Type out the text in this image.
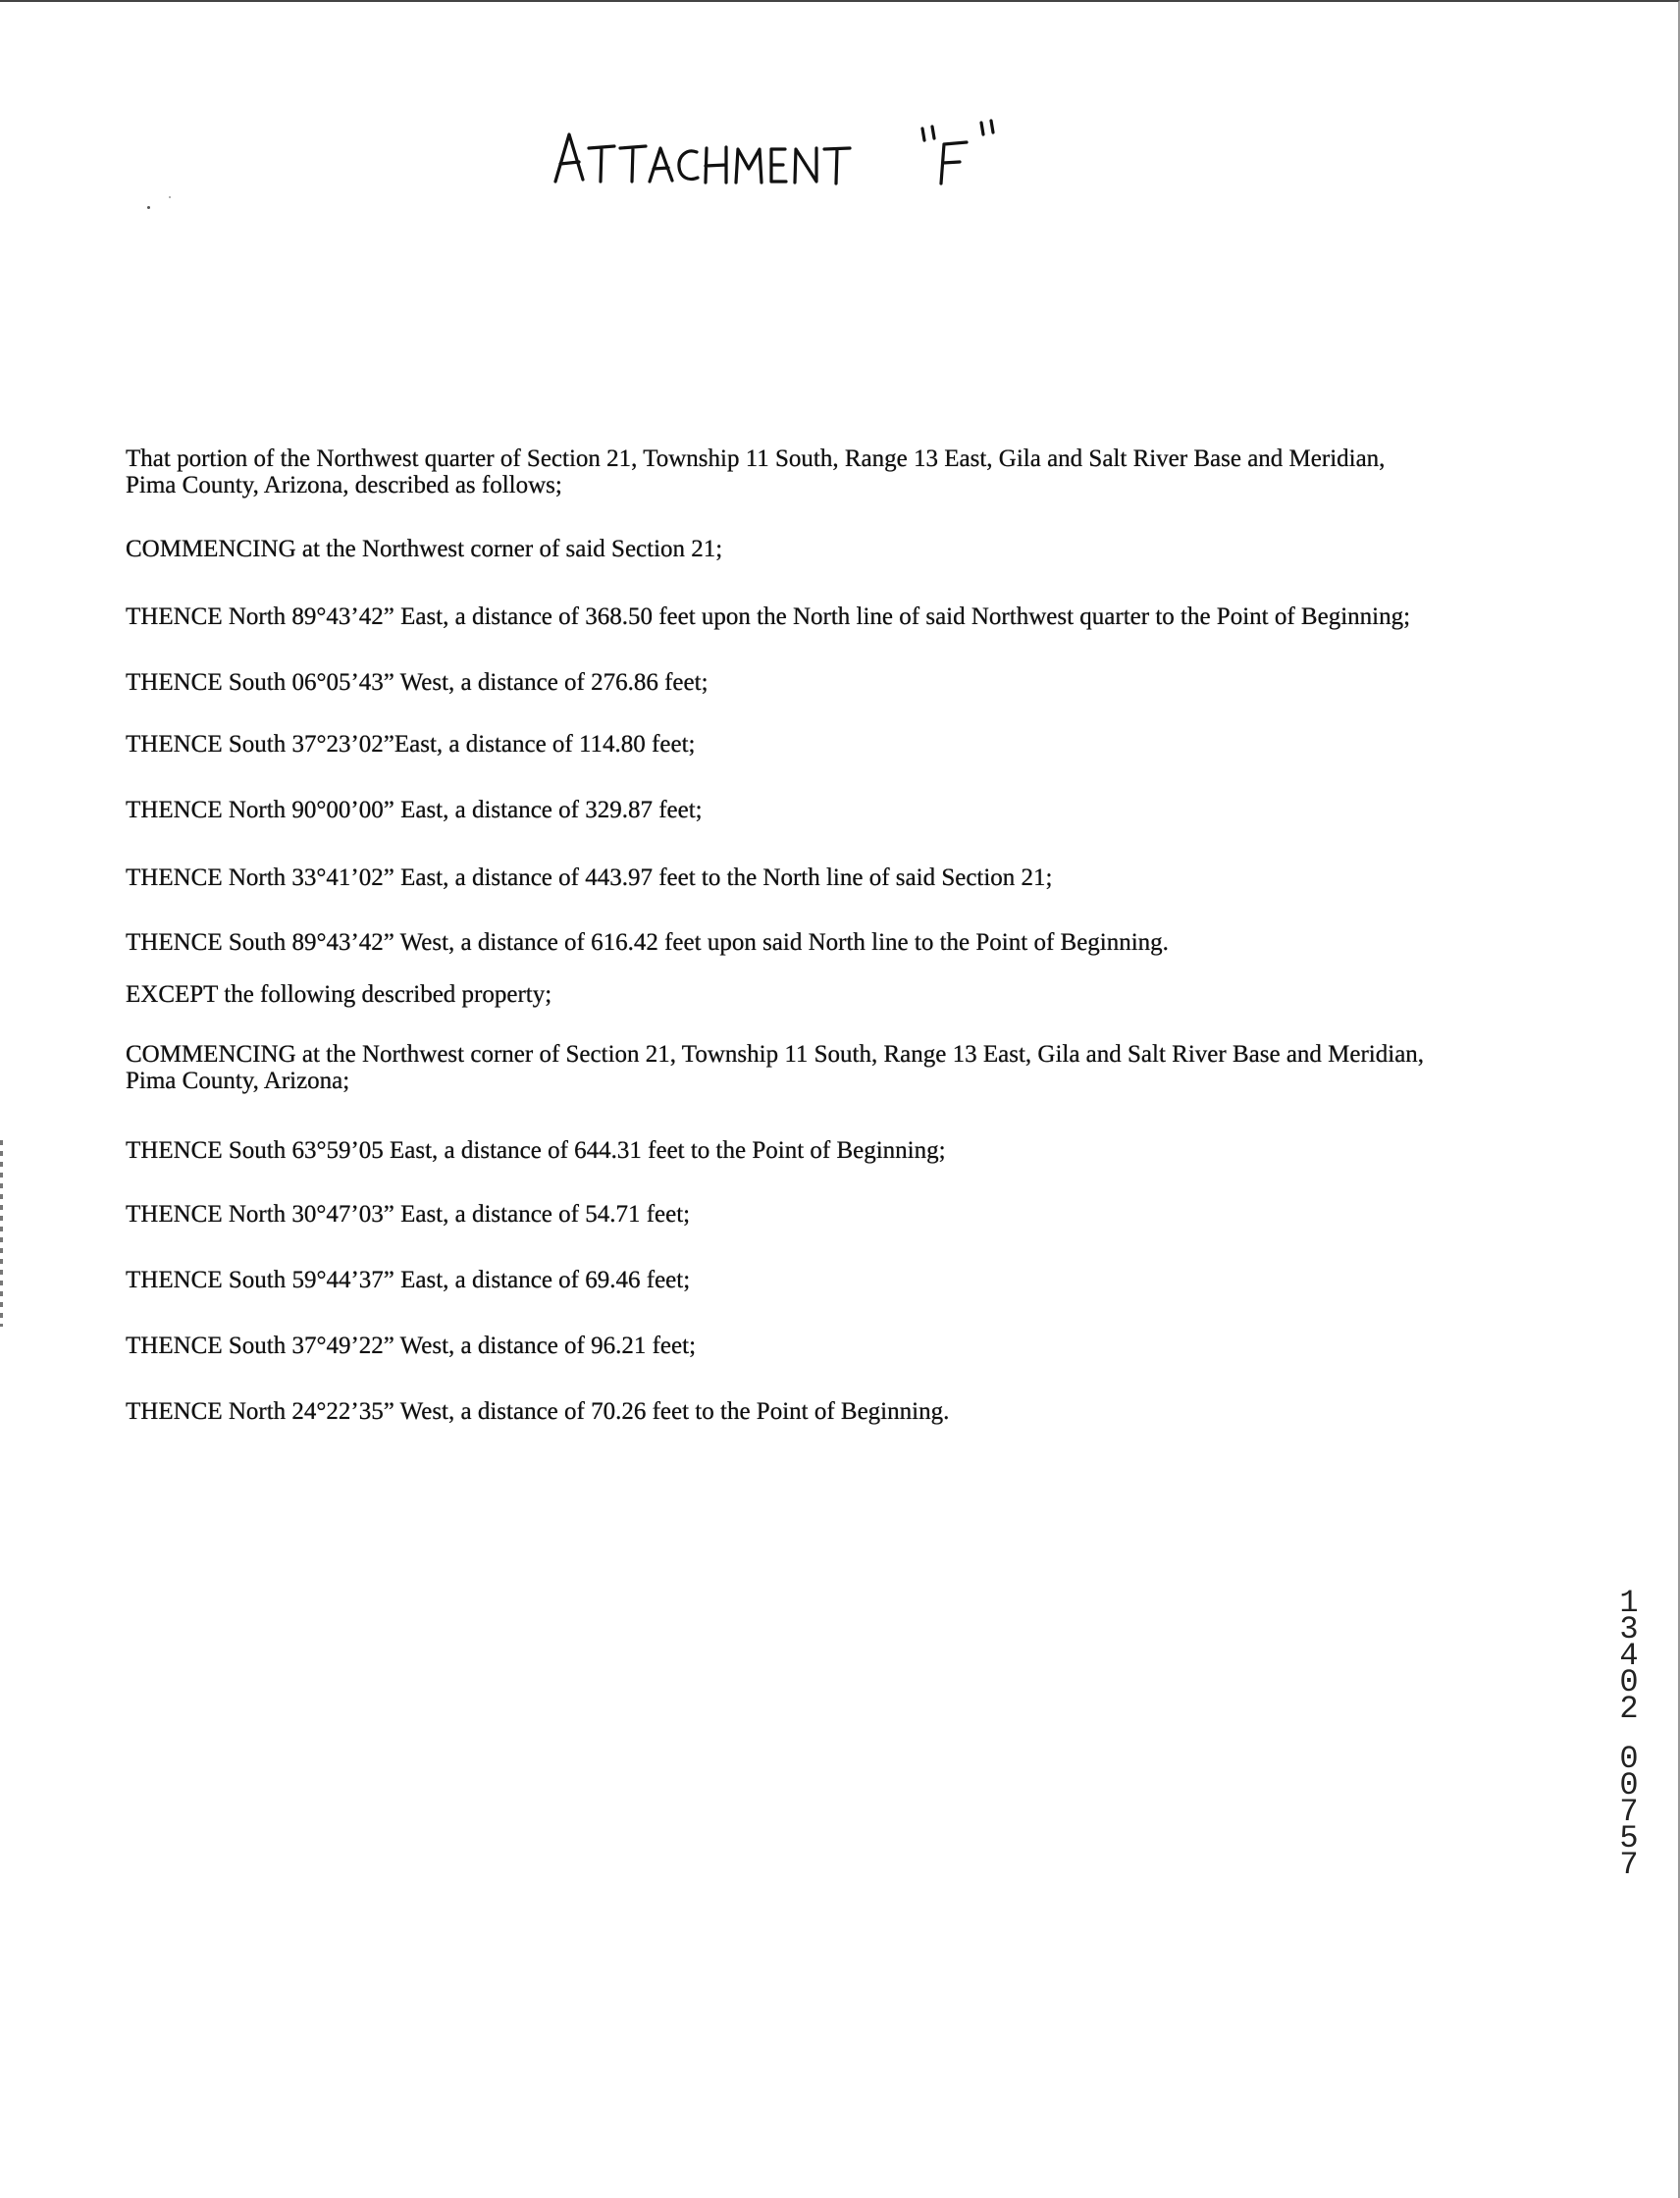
That portion of the Northwest quarter of Section 21, Township 11 South, Range 13 East, Gila and Salt River Base and Meridian, Pima County, Arizona, described as follows;

COMMENCING at the Northwest corner of said Section 21;

THENCE North 89°43’42” East, a distance of 368.50 feet upon the North line of said Northwest quarter to the Point of Beginning;

THENCE South 06°05’43” West, a distance of 276.86 feet;

THENCE South 37°23’02”East, a distance of 114.80 feet;

THENCE North 90°00’00” East, a distance of 329.87 feet;

THENCE North 33°41’02” East, a distance of 443.97 feet to the North line of said Section 21;

THENCE South 89°43’42” West, a distance of 616.42 feet upon said North line to the Point of Beginning.

EXCEPT the following described property;

COMMENCING at the Northwest corner of Section 21, Township 11 South, Range 13 East, Gila and Salt River Base and Meridian, Pima County, Arizona;

THENCE South 63°59’05 East, a distance of 644.31 feet to the Point of Beginning;

THENCE North 30°47’03” East, a distance of 54.71 feet;

THENCE South 59°44’37” East, a distance of 69.46 feet;

THENCE South 37°49’22” West, a distance of 96.21 feet;

THENCE North 24°22’35” West, a distance of 70.26 feet to the Point of Beginning.

1
3
4
0
2
0
0
7
5
7
